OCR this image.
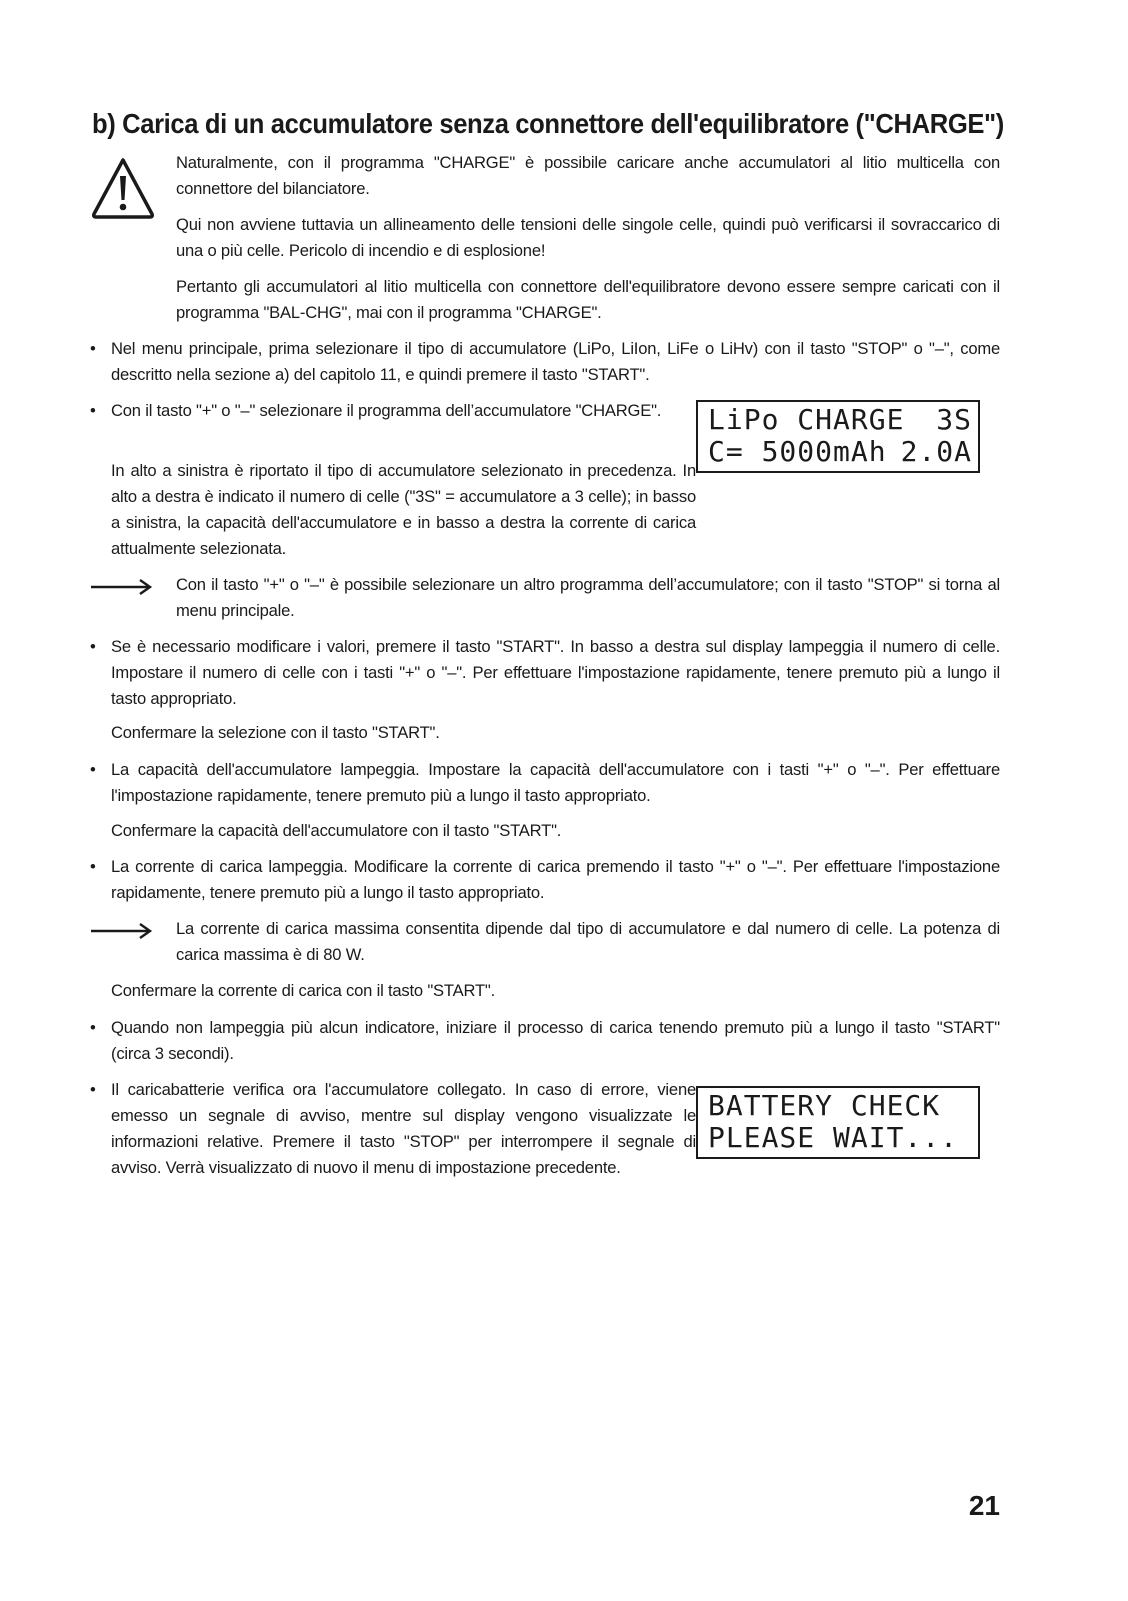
b) Carica di un accumulatore senza connettore dell'equilibratore ("CHARGE")

Naturalmente, con il programma "CHARGE" è possibile caricare anche accumulatori al litio multicella con connettore del bilanciatore.

Qui non avviene tuttavia un allineamento delle tensioni delle singole celle, quindi può verificarsi il sovraccarico di una o più celle. Pericolo di incendio e di esplosione!

Pertanto gli accumulatori al litio multicella con connettore dell'equilibratore devono essere sempre caricati con il programma "BAL-CHG", mai con il programma "CHARGE".

• Nel menu principale, prima selezionare il tipo di accumulatore (LiPo, LiIon, LiFe o LiHv) con il tasto "STOP" o "–", come descritto nella sezione a) del capitolo 11, e quindi premere il tasto "START".

• Con il tasto "+" o "–" selezionare il programma dell’accumulatore "CHARGE".

In alto a sinistra è riportato il tipo di accumulatore selezionato in precedenza. In alto a destra è indicato il numero di celle ("3S" = accumulatore a 3 celle); in basso a sinistra, la capacità dell'accumulatore e in basso a destra la corrente di carica attualmente selezionata.

LiPo CHARGE 3S
C= 5000mAh 2.0A

Con il tasto "+" o "–" è possibile selezionare un altro programma dell’accumulatore; con il tasto "STOP" si torna al menu principale.

• Se è necessario modificare i valori, premere il tasto "START". In basso a destra sul display lampeggia il numero di celle. Impostare il numero di celle con i tasti "+" o "–". Per effettuare l'impostazione rapidamente, tenere premuto più a lungo il tasto appropriato.

Confermare la selezione con il tasto "START".

• La capacità dell'accumulatore lampeggia. Impostare la capacità dell'accumulatore con i tasti "+" o "–". Per effettuare l'impostazione rapidamente, tenere premuto più a lungo il tasto appropriato.

Confermare la capacità dell'accumulatore con il tasto "START".

• La corrente di carica lampeggia. Modificare la corrente di carica premendo il tasto "+" o "–". Per effettuare l'impostazione rapidamente, tenere premuto più a lungo il tasto appropriato.

La corrente di carica massima consentita dipende dal tipo di accumulatore e dal numero di celle. La potenza di carica massima è di 80 W.

Confermare la corrente di carica con il tasto "START".

• Quando non lampeggia più alcun indicatore, iniziare il processo di carica tenendo premuto più a lungo il tasto "START" (circa 3 secondi).

• Il caricabatterie verifica ora l'accumulatore collegato. In caso di errore, viene emesso un segnale di avviso, mentre sul display vengono visualizzate le informazioni relative. Premere il tasto "STOP" per interrompere il segnale di avviso. Verrà visualizzato di nuovo il menu di impostazione precedente.

BATTERY CHECK
PLEASE WAIT...

21
